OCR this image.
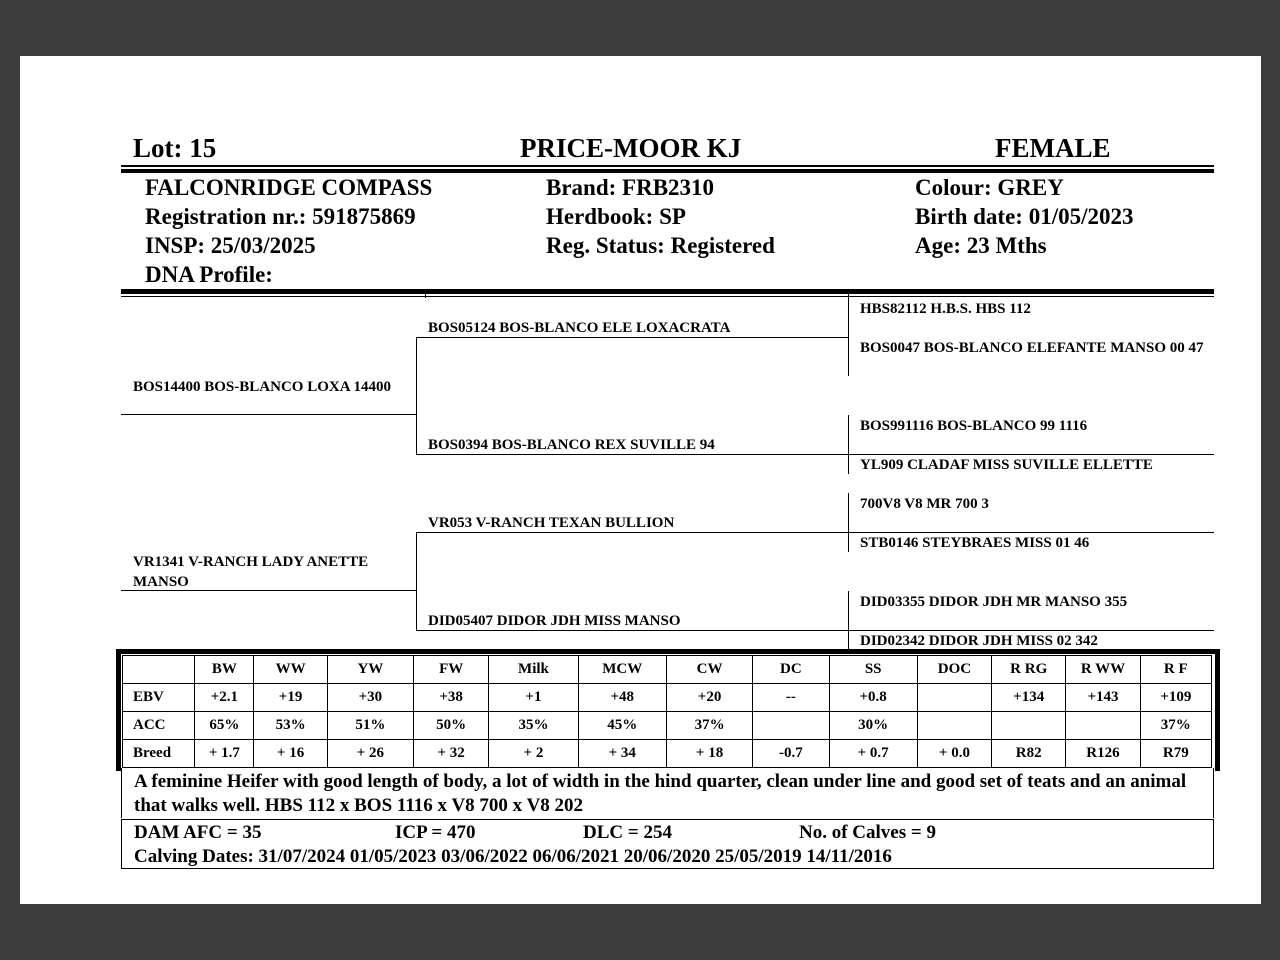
Lot: 15	PRICE-MOOR KJ	FEMALE
FALCONRIDGE COMPASS
Registration nr.: 591875869
INSP: 25/03/2025
DNA Profile:
Brand: FRB2310
Herdbook: SP
Reg. Status: Registered
Colour: GREY
Birth date: 01/05/2023
Age: 23 Mths
BOS14400 BOS-BLANCO LOXA 14400
VR1341 V-RANCH LADY ANETTE MANSO
BOS05124 BOS-BLANCO ELE LOXACRATA
BOS0394 BOS-BLANCO REX SUVILLE 94
VR053 V-RANCH TEXAN BULLION
DID05407 DIDOR JDH MISS MANSO
HBS82112 H.B.S. HBS 112
BOS0047 BOS-BLANCO ELEFANTE MANSO 00 47
BOS991116 BOS-BLANCO 99 1116
YL909 CLADAF MISS SUVILLE ELLETTE
700V8 V8 MR 700 3
STB0146 STEYBRAES MISS 01 46
DID03355 DIDOR JDH MR MANSO 355
DID02342 DIDOR JDH MISS 02 342
	BW	WW	YW	FW	Milk	MCW	CW	DC	SS	DOC	R RG	R WW	R F
EBV	+2.1	+19	+30	+38	+1	+48	+20	--	+0.8		+134	+143	+109
ACC	65%	53%	51%	50%	35%	45%	37%		30%				37%
Breed	+ 1.7	+ 16	+ 26	+ 32	+ 2	+ 34	+ 18	-0.7	+ 0.7	+ 0.0	R82	R126	R79
A feminine Heifer with good length of body, a lot of width in the hind quarter, clean under line and good set of teats and an animal that walks well. HBS 112 x BOS 1116 x V8 700 x V8 202
DAM AFC = 35	ICP = 470	DLC = 254	No. of Calves = 9
Calving Dates: 31/07/2024 01/05/2023 03/06/2022 06/06/2021 20/06/2020 25/05/2019 14/11/2016
